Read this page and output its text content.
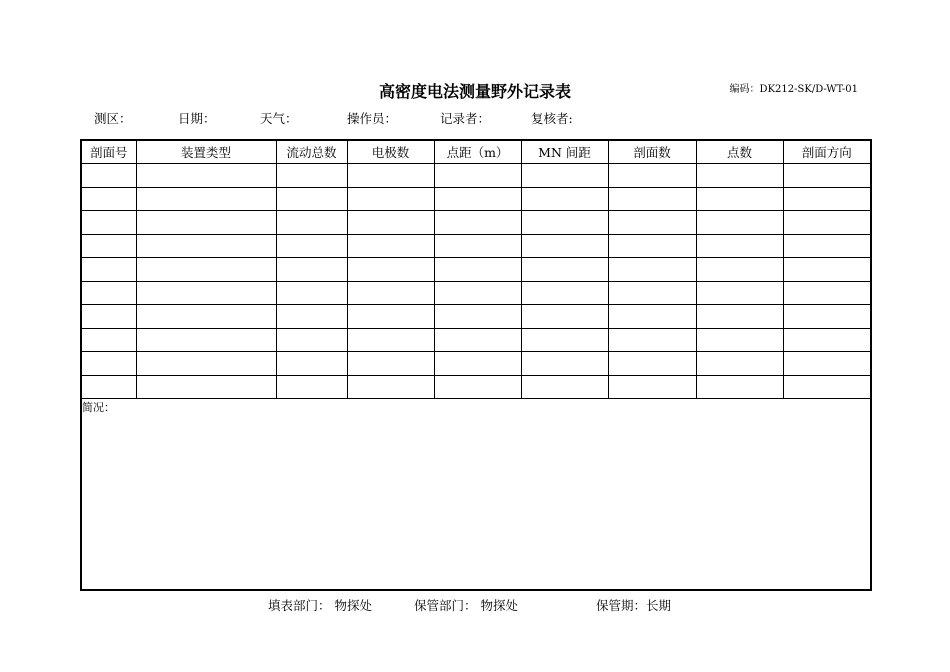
高密度电法测量野外记录表	编码：DK212-SK/D-WT-01
测区：	日期：	天气：	操作员：	记录者：	复核者:
剖面号	装置类型	流动总数	电极数	点距（m）	MN 间距	剖面数	点数	剖面方向

简况：								
填表部门： 物探处	保管部门： 物探处	保管期：长期
